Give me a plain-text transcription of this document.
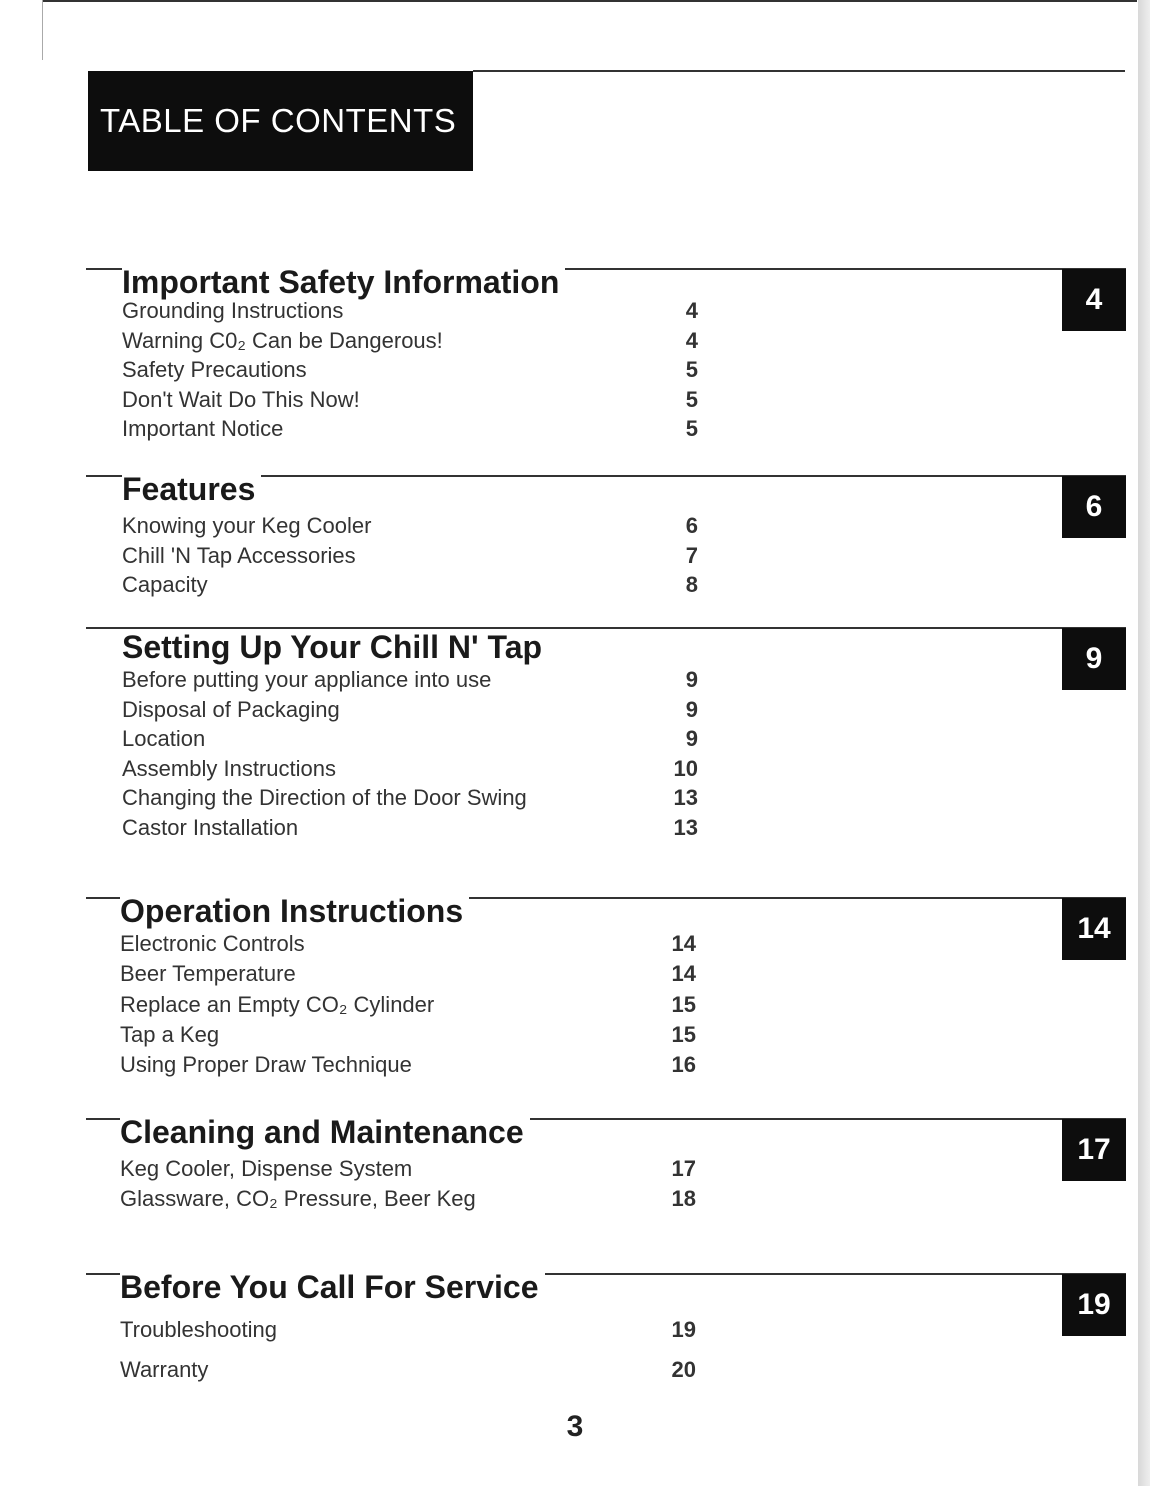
TABLE OF CONTENTS
Important Safety Information	4
Grounding Instructions	4
Warning C0₂ Can be Dangerous!	4
Safety Precautions	5
Don't Wait Do This Now!	5
Important Notice	5
Features	6
Knowing your Keg Cooler	6
Chill 'N Tap Accessories	7
Capacity	8
Setting Up Your Chill N' Tap	9
Before putting your appliance into use	9
Disposal of Packaging	9
Location	9
Assembly Instructions	10
Changing the Direction of the Door Swing	13
Castor Installation	13
Operation Instructions	14
Electronic Controls	14
Beer Temperature	14
Replace an Empty CO₂ Cylinder	15
Tap a Keg	15
Using Proper Draw Technique	16
Cleaning and Maintenance	17
Keg Cooler, Dispense System	17
Glassware, CO₂ Pressure, Beer Keg	18
Before You Call For Service	19
Troubleshooting	19
Warranty	20
3
